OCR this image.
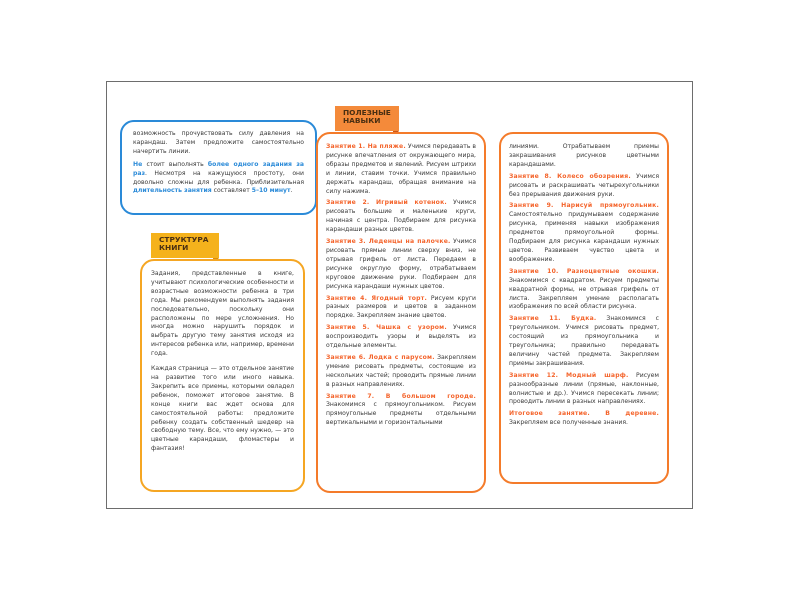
возможность прочувствовать силу давления на карандаш. Затем предложите самостоятельно начертить линии.

Не стоит выполнять более одного задания за раз. Несмотря на кажущуюся простоту, они довольно сложны для ребенка. Приблизительная длительность занятия составляет 5–10 минут.

СТРУКТУРА
КНИГИ

Задания, представленные в книге, учитывают психологические особенности и возрастные возможности ребенка в три года. Мы рекомендуем выполнять задания последовательно, поскольку они расположены по мере усложнения. Но иногда можно нарушить порядок и выбрать другую тему занятия исходя из интересов ребенка или, например, времени года.

Каждая страница — это отдельное занятие на развитие того или иного навыка. Закрепить все приемы, которыми овладел ребенок, поможет итоговое занятие. В конце книги вас ждет основа для самостоятельной работы: предложите ребенку создать собственный шедевр на свободную тему. Все, что ему нужно, — это цветные карандаши, фломастеры и фантазия!

ПОЛЕЗНЫЕ
НАВЫКИ
Занятие 1. На пляже. Учимся передавать в рисунке впечатления от окружающего мира, образы предметов и явлений. Рисуем штрихи и линии, ставим точки. Учимся правильно держать карандаш, обращая внимание на силу нажима.
Занятие 2. Игривый котенок. Учимся рисовать большие и маленькие круги, начиная с центра. Подбираем для рисунка карандаши разных цветов.
Занятие 3. Леденцы на палочке. Учимся рисовать прямые линии сверху вниз, не отрывая грифель от листа. Передаем в рисунке округлую форму, отрабатываем круговое движение руки. Подбираем для рисунка карандаши нужных цветов.
Занятие 4. Ягодный торт. Рисуем круги разных размеров и цветов в заданном порядке. Закрепляем знание цветов.
Занятие 5. Чашка с узором. Учимся воспроизводить узоры и выделять из отдельные элементы.
Занятие 6. Лодка с парусом. Закрепляем умение рисовать предметы, состоящие из нескольких частей; проводить прямые линии в разных направлениях.
Занятие 7. В большом городе. Знакомимся с прямоугольником. Рисуем прямоугольные предметы отдельными вертикальными и горизонтальными
линиями. Отрабатываем приемы закрашивания рисунков цветными карандашами.
Занятие 8. Колесо обозрения. Учимся рисовать и раскрашивать четырехугольники без прерывания движения руки.
Занятие 9. Нарисуй прямоугольник. Самостоятельно придумываем содержание рисунка, применяя навыки изображения предметов прямоугольной формы. Подбираем для рисунка карандаши нужных цветов. Развиваем чувство цвета и воображение.
Занятие 10. Разноцветные окошки. Знакомимся с квадратом. Рисуем предметы квадратной формы, не отрывая грифель от листа. Закрепляем умение располагать изображения по всей области рисунка.
Занятие 11. Будка. Знакомимся с треугольником. Учимся рисовать предмет, состоящий из прямоугольника и треугольника; правильно передавать величину частей предмета. Закрепляем приемы закрашивания.
Занятие 12. Модный шарф. Рисуем разнообразные линии (прямые, наклонные, волнистые и др.). Учимся пересекать линии; проводить линии в разных направлениях.
Итоговое занятие. В деревне. Закрепляем все полученные знания.
